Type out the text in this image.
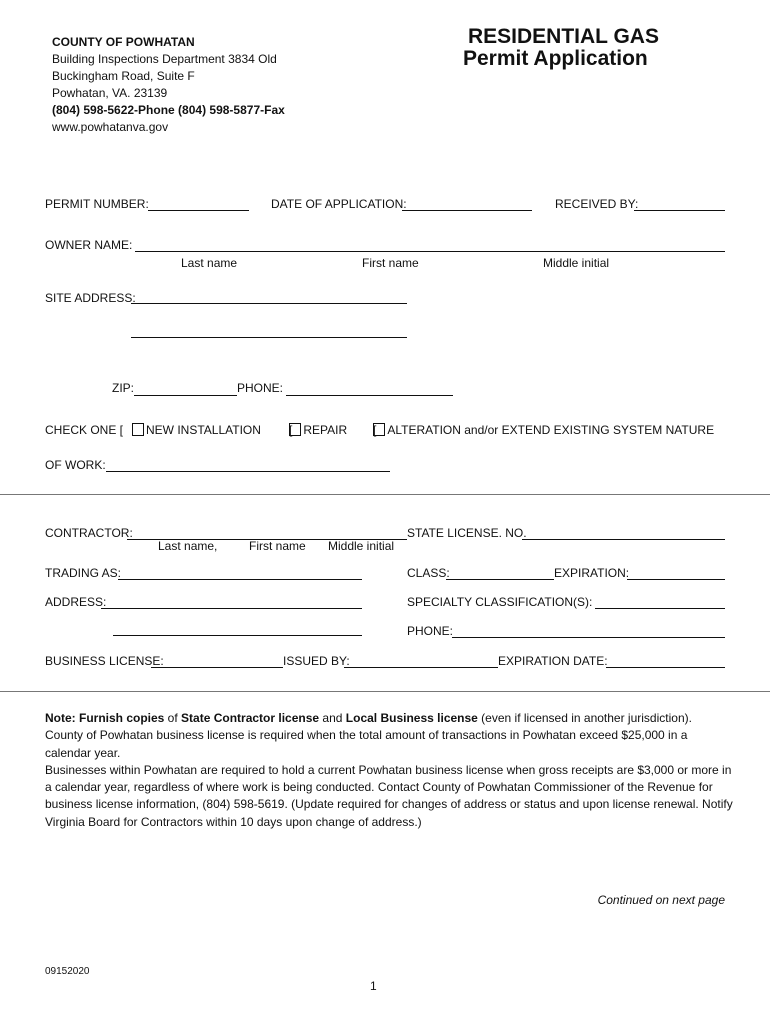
COUNTY OF POWHATAN

Building Inspections Department 3834 Old

Buckingham Road, Suite F

Powhatan, VA. 23139

(804) 598-5622-Phone (804) 598-5877-Fax

www.powhatanva.gov

RESIDENTIAL GAS
Permit Application
PERMIT NUMBER:	DATE OF APPLICATION:	RECEIVED BY:
OWNER NAME:
Last name	First name	Middle initial
SITE ADDRESS:
ZIP:	PHONE:
CHECK ONE [	NEW INSTALLATION [ REPAIR [ ALTERATION and/or EXTEND EXISTING SYSTEM NATURE
OF WORK:
CONTRACTOR:
Last name,	First name Middle initial
STATE LICENSE. NO.
TRADING AS:	CLASS:	EXPIRATION:
ADDRESS:	SPECIALTY CLASSIFICATION(S):
PHONE:
BUSINESS LICENSE:	ISSUED BY:	EXPIRATION DATE:

Note: Furnish copies of State Contractor license and Local Business license (even if licensed in another jurisdiction).

County of Powhatan business license is required when the total amount of transactions in Powhatan exceed $25,000 in a calendar year.

Businesses within Powhatan are required to hold a current Powhatan business license when gross receipts are $3,000 or more in a calendar year, regardless of where work is being conducted. Contact County of Powhatan Commissioner of the Revenue for business license information, (804) 598-5619. (Update required for changes of address or status and upon license renewal. Notify Virginia Board for Contractors within 10 days upon change of address.)

Continued on next page
09152020
1
